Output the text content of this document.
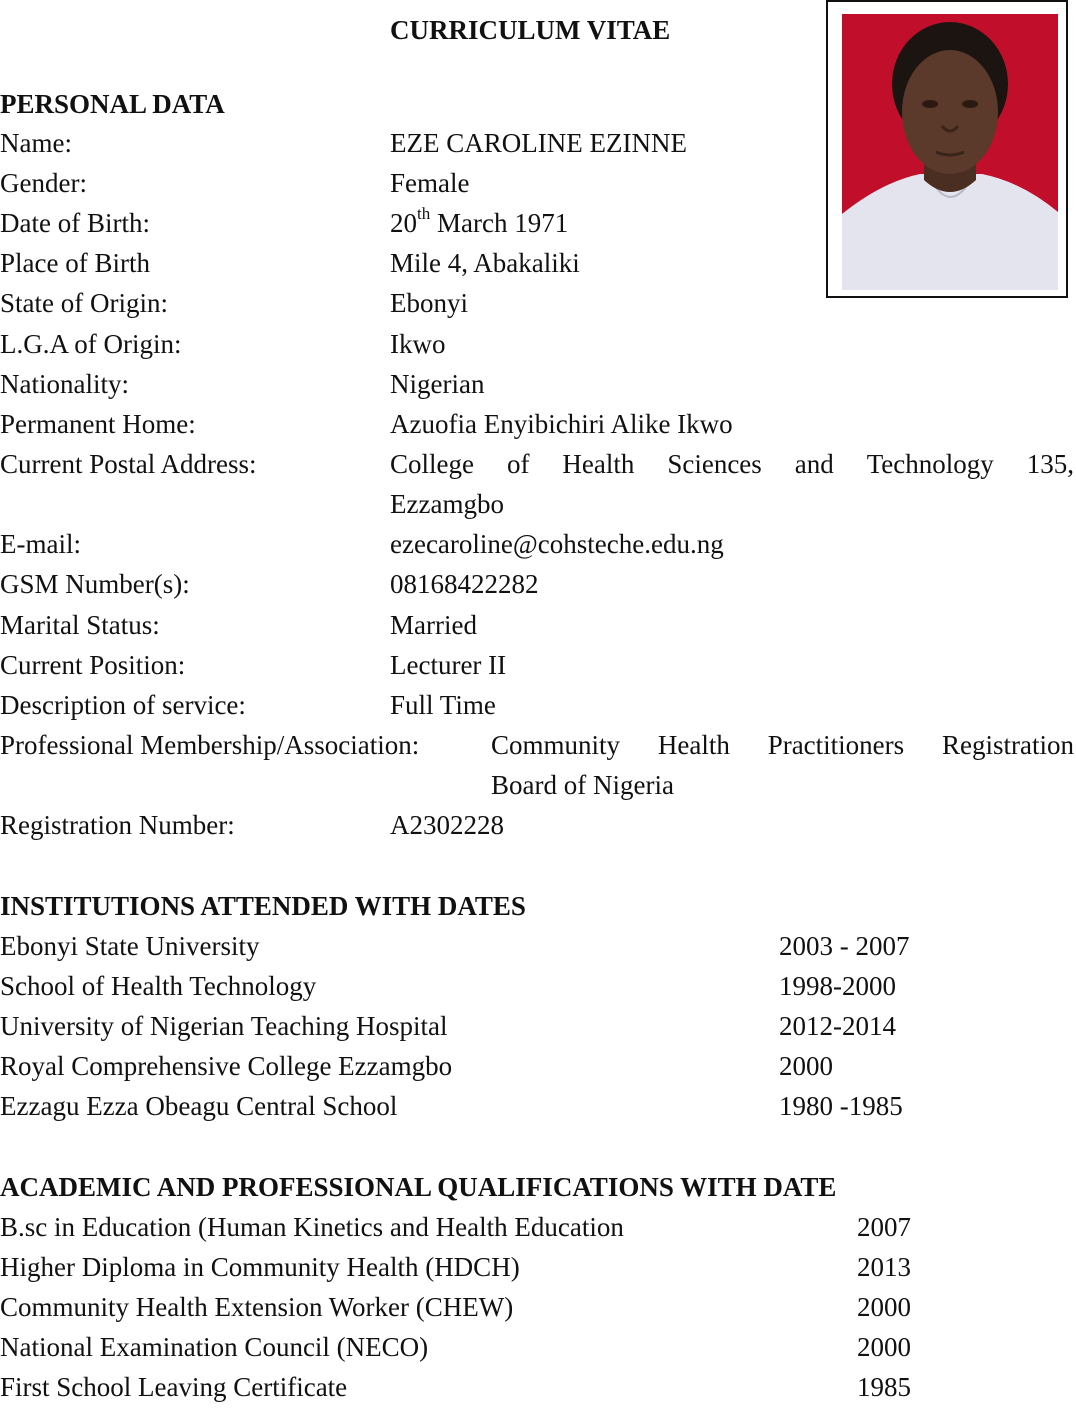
CURRICULUM VITAE
PERSONAL DATA
Name:	EZE CAROLINE EZINNE
Gender:	Female
Date of Birth:	20th March 1971
Place of Birth	Mile 4, Abakaliki
State of Origin:	Ebonyi
L.G.A of Origin:	Ikwo
Nationality:	Nigerian
Permanent Home:	Azuofia Enyibichiri Alike Ikwo
Current Postal Address:	College of Health Sciences and Technology 135,
Ezzamgbo
E-mail:	ezecaroline@cohsteche.edu.ng
GSM Number(s):	08168422282
Marital Status:	Married
Current Position:	Lecturer II
Description of service:	Full Time
Professional Membership/Association:	Community Health Practitioners Registration
Board of Nigeria
Registration Number:	A2302228
INSTITUTIONS ATTENDED WITH DATES
Ebonyi State University	2003 - 2007
School of Health Technology	1998-2000
University of Nigerian Teaching Hospital	2012-2014
Royal Comprehensive College Ezzamgbo	2000
Ezzagu Ezza Obeagu Central School	1980 -1985
ACADEMIC AND PROFESSIONAL QUALIFICATIONS WITH DATE
B.sc in Education (Human Kinetics and Health Education	2007
Higher Diploma in Community Health (HDCH)	2013
Community Health Extension Worker (CHEW)	2000
National Examination Council (NECO)	2000
First School Leaving Certificate	1985
